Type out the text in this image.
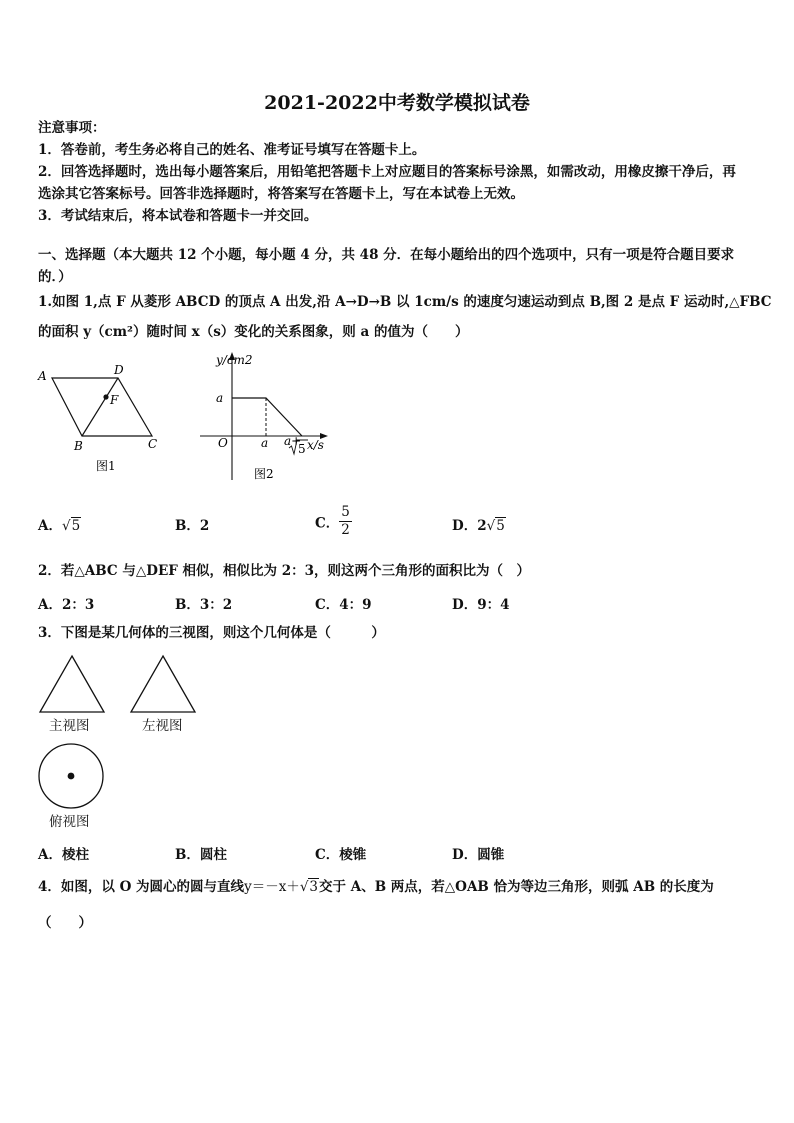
2021-2022中考数学模拟试卷
注意事项：
1．答卷前，考生务必将自己的姓名、准考证号填写在答题卡上。
2．回答选择题时，选出每小题答案后，用铅笔把答题卡上对应题目的答案标号涂黑，如需改动，用橡皮擦干净后，再
选涂其它答案标号。回答非选择题时，将答案写在答题卡上，写在本试卷上无效。
3．考试结束后，将本试卷和答题卡一并交回。
一、选择题（本大题共 12 个小题，每小题 4 分，共 48 分．在每小题给出的四个选项中，只有一项是符合题目要求
的．）
1.如图 1,点 F 从菱形 ABCD 的顶点 A 出发,沿 A→D→B 以 1cm/s 的速度匀速运动到点 B,图 2 是点 F 运动时,△FBC
的面积 y（cm²）随时间 x（s）变化的关系图象，则 a 的值为（　　）
A	D
F
B	C
图1
y/cm2
a
O	a a+
5 x/s
图2
A．√5	B．2	C． $\frac{5}{2}$	D．2√5
2．若△ABC 与△DEF 相似，相似比为 2：3，则这两个三角形的面积比为（　）
A．2：3	B．3：2	C．4：9	D．9：4
3．下图是某几何体的三视图，则这个几何体是（　　　）
主视图	左视图
俯视图
A．棱柱	B．圆柱	C．棱锥	D．圆锥
4．如图，以 O 为圆心的圆与直线y＝－x＋√3交于 A、B 两点，若△OAB 恰为等边三角形，则弧 AB 的长度为
（　　）
